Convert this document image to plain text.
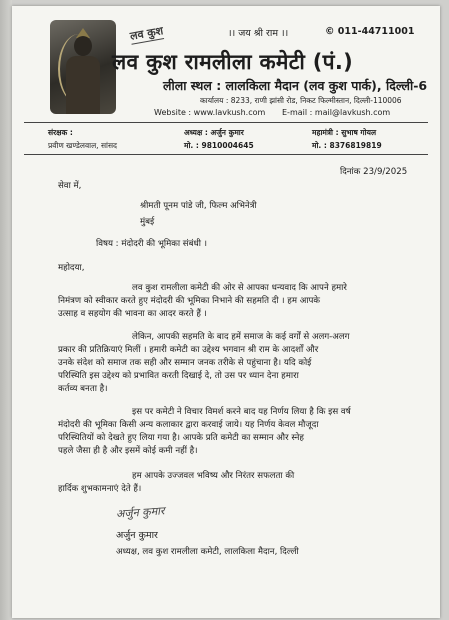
।। जय श्री राम ।।	© 011-44711001
लव कुश
लव कुश रामलीला कमेटी (पं.)
लीला स्थल : लालकिला मैदान (लव कुश पार्क), दिल्ली-6
कार्यालय : 8233, राणी झांसी रोड, निकट फिल्मीस्तान, दिल्ली-110006
Website : www.lavkush.com E-mail : mail@lavkush.com
संरक्षक :
प्रवीण खण्डेलवाल, सांसद
अध्यक्ष : अर्जुन कुमार
मो. : 9810004645
महामंत्री : सुभाष गोयल
मो. : 8376819819
सेवा में,
दिनांक 23/9/2025
श्रीमती पूनम पांडे जी, फिल्म अभिनेत्री
मुंबई
विषय : मंदोदरी की भूमिका संबंधी ।
महोदया,
लव कुश रामलीला कमेटी की ओर से आपका धन्यवाद कि आपने हमारे
निमंत्रण को स्वीकार करते हुए मंदोदरी की भूमिका निभाने की सहमति दी । हम आपके
उत्साह व सहयोग की भावना का आदर करते हैं ।
लेकिन, आपकी सहमति के बाद हमें समाज के कई वर्गों से अलग-अलग
प्रकार की प्रतिक्रियाएं मिलीं । हमारी कमेटी का उद्देश्य भगवान श्री राम के आदर्शों और
उनके संदेश को समाज तक सही और सम्मान जनक तरीके से पहुंचाना है। यदि कोई
परिस्थिति इस उद्देश्य को प्रभावित करती दिखाई दे, तो उस पर ध्यान देना हमारा
कर्तव्य बनता है।
इस पर कमेटी ने विचार विमर्श करने बाद यह निर्णय लिया है कि इस वर्ष
मंदोदरी की भूमिका किसी अन्य कलाकार द्वारा करवाई जाये। यह निर्णय केवल मौजूदा
परिस्थितियों को देखते हुए लिया गया है। आपके प्रति कमेटी का सम्मान और स्नेह
पहले जैसा ही है और इसमें कोई कमी नहीं है।
हम आपके उज्जवल भविष्य और निरंतर सफलता की
हार्दिक शुभकामनाएं देते हैं।
अर्जुन कुमार
अर्जुन कुमार
अध्यक्ष, लव कुश रामलीला कमेटी, लालकिला मैदान, दिल्ली
